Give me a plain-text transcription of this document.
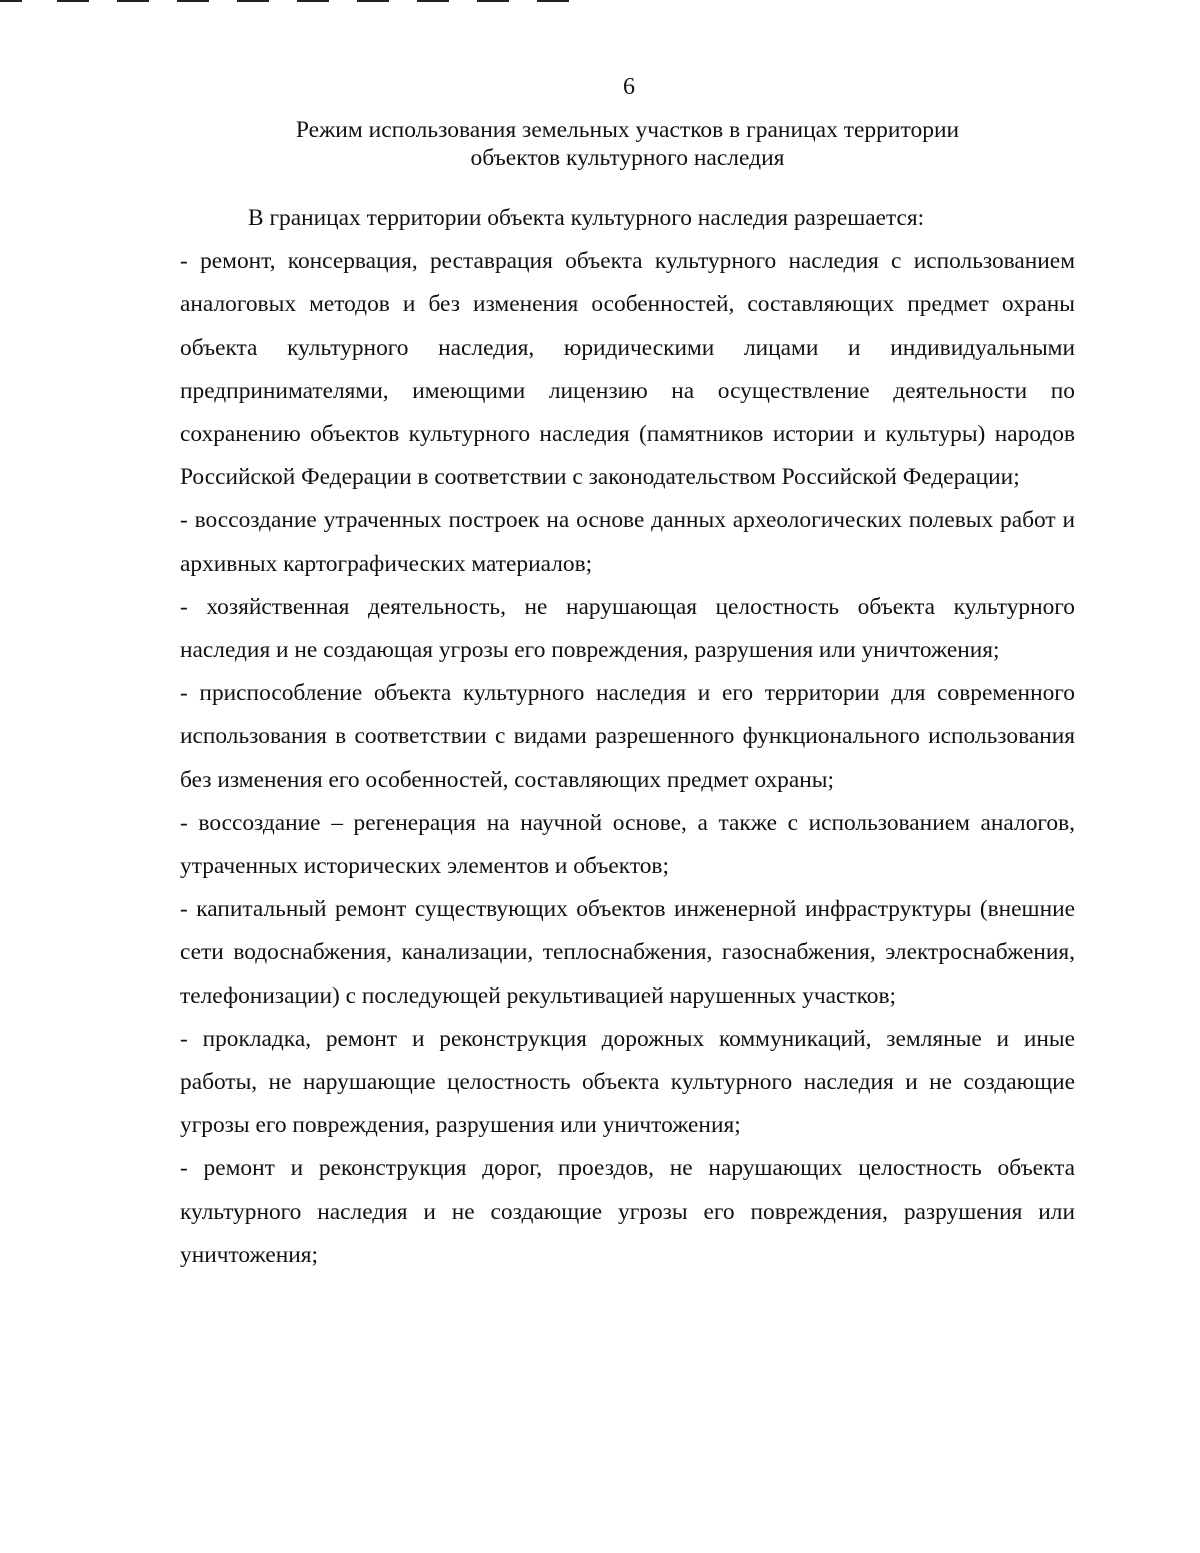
6
Режим использования земельных участков в границах территории
объектов культурного наследия

В границах территории объекта культурного наследия разрешается:

- ремонт, консервация, реставрация объекта культурного наследия с использованием аналоговых методов и без изменения особенностей, составляющих предмет охраны объекта культурного наследия, юридическими лицами и индивидуальными предпринимателями, имеющими лицензию на осуществление деятельности по сохранению объектов культурного наследия (памятников истории и культуры) народов Российской Федерации в соответствии с законодательством Российской Федерации;

- воссоздание утраченных построек на основе данных археологических полевых работ и архивных картографических материалов;

- хозяйственная деятельность, не нарушающая целостность объекта культурного наследия и не создающая угрозы его повреждения, разрушения или уничтожения;

- приспособление объекта культурного наследия и его территории для современного использования в соответствии с видами разрешенного функционального использования без изменения его особенностей, составляющих предмет охраны;

- воссоздание – регенерация на научной основе, а также с использованием аналогов, утраченных исторических элементов и объектов;

- капитальный ремонт существующих объектов инженерной инфраструктуры (внешние сети водоснабжения, канализации, теплоснабжения, газоснабжения, электроснабжения, телефонизации) с последующей рекультивацией нарушенных участков;

- прокладка, ремонт и реконструкция дорожных коммуникаций, земляные и иные работы, не нарушающие целостность объекта культурного наследия и не создающие угрозы его повреждения, разрушения или уничтожения;

- ремонт и реконструкция дорог, проездов, не нарушающих целостность объекта культурного наследия и не создающие угрозы его повреждения, разрушения или уничтожения;
